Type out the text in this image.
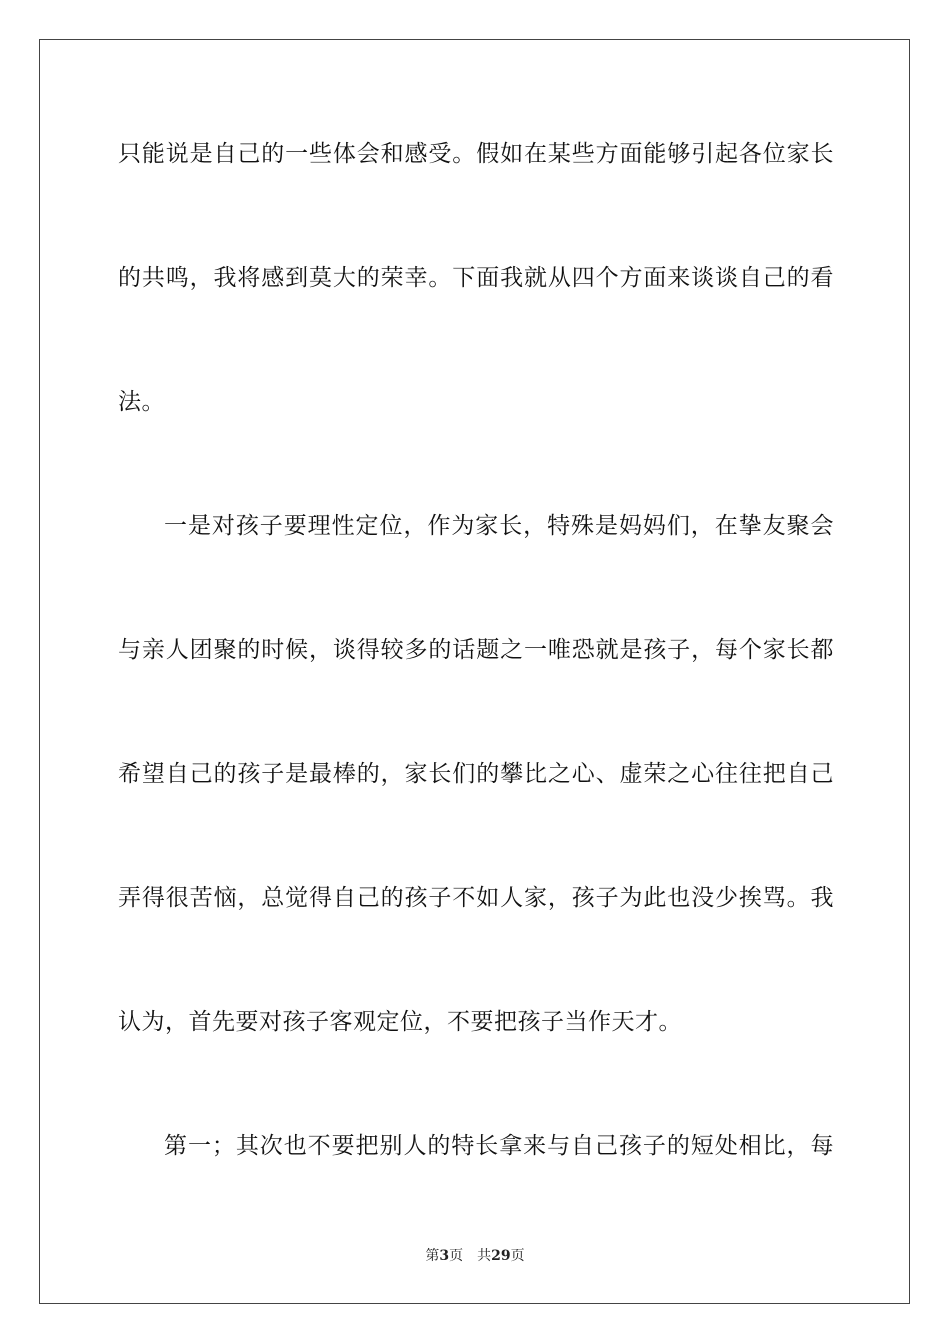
只能说是自己的一些体会和感受。假如在某些方面能够引起各位家长
的共鸣，我将感到莫大的荣幸。下面我就从四个方面来谈谈自己的看
法。
一是对孩子要理性定位，作为家长，特殊是妈妈们，在挚友聚会
与亲人团聚的时候，谈得较多的话题之一唯恐就是孩子，每个家长都
希望自己的孩子是最棒的，家长们的攀比之心、虚荣之心往往把自己
弄得很苦恼，总觉得自己的孩子不如人家，孩子为此也没少挨骂。我
认为，首先要对孩子客观定位，不要把孩子当作天才。
第一；其次也不要把别人的特长拿来与自己孩子的短处相比，每
第3页 共29页
